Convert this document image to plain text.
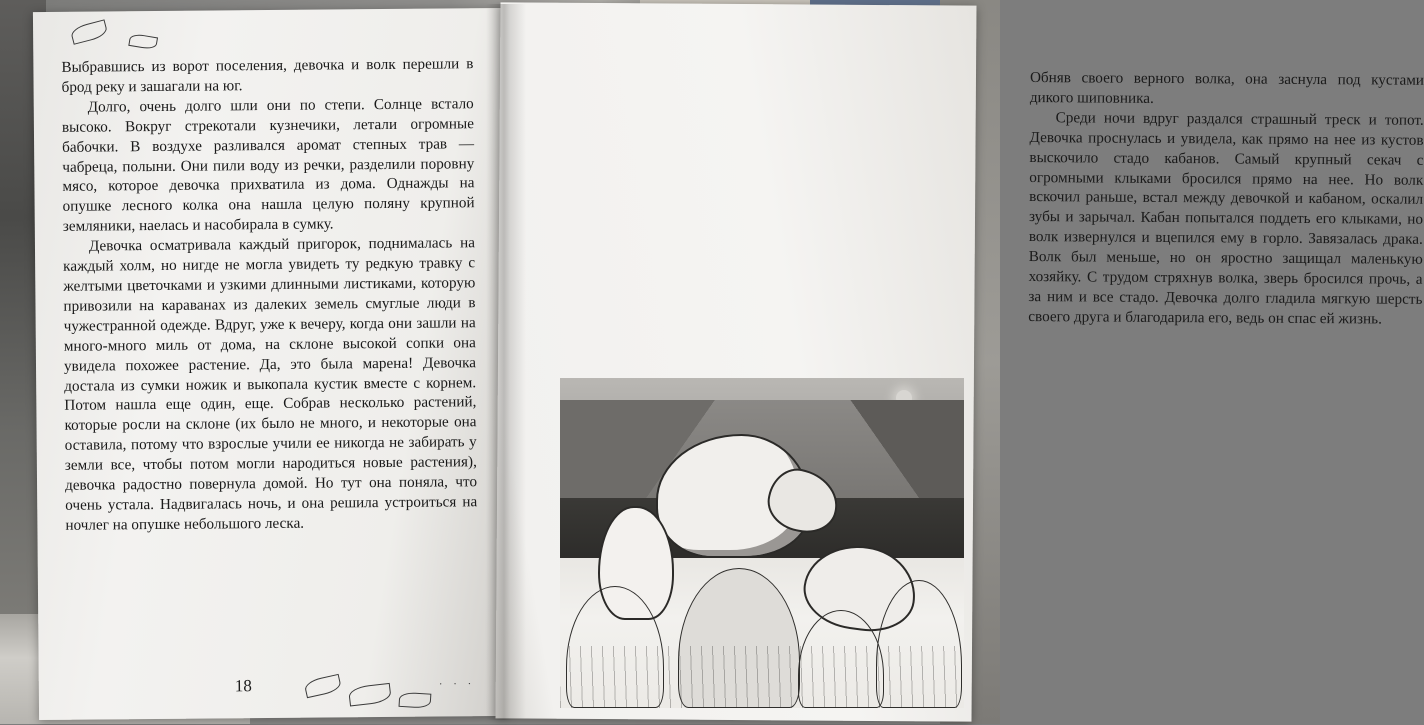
Выбравшись из ворот поселения, девочка и волк перешли в брод реку и зашагали на юг.

Долго, очень долго шли они по степи. Солнце встало высоко. Вокруг стрекотали кузнечики, летали огромные бабочки. В воздухе разливался аромат степных трав — чабреца, полыни. Они пили воду из речки, разделили поровну мясо, которое девочка прихватила из дома. Однажды на опушке лесного колка она нашла целую поляну крупной земляники, наелась и насобирала в сумку.

Девочка осматривала каждый пригорок, поднималась на каждый холм, но нигде не могла увидеть ту редкую травку с желтыми цветочками и узкими длинными листиками, которую привозили на караванах из далеких земель смуглые люди в чужестранной одежде. Вдруг, уже к вечеру, когда они зашли на много-много миль от дома, на склоне высокой сопки она увидела похожее растение. Да, это была марена! Девочка достала из сумки ножик и выкопала кустик вместе с корнем. Потом нашла еще один, еще. Собрав несколько растений, которые росли на склоне (их было не много, и некоторые она оставила, потому что взрослые учили ее никогда не забирать у земли все, чтобы потом могли народиться новые растения), девочка радостно повернула домой. Но тут она поняла, что очень устала. Надвигалась ночь, и она решила устроиться на ночлег на опушке небольшого леска.

18	· · ·

Обняв своего верного волка, она заснула под кустами дикого шиповника.

Среди ночи вдруг раздался страшный треск и топот. Девочка проснулась и увидела, как прямо на нее из кустов выскочило стадо кабанов. Самый крупный секач с огромными клыками бросился прямо на нее. Но волк вскочил раньше, встал между девочкой и кабаном, оскалил зубы и зарычал. Кабан попытался поддеть его клыками, но волк извернулся и вцепился ему в горло. Завязалась драка. Волк был меньше, но он яростно защищал маленькую хозяйку. С трудом стряхнув волка, зверь бросился прочь, а за ним и все стадо. Девочка долго гладила мягкую шерсть своего друга и благодарила его, ведь он спас ей жизнь.
